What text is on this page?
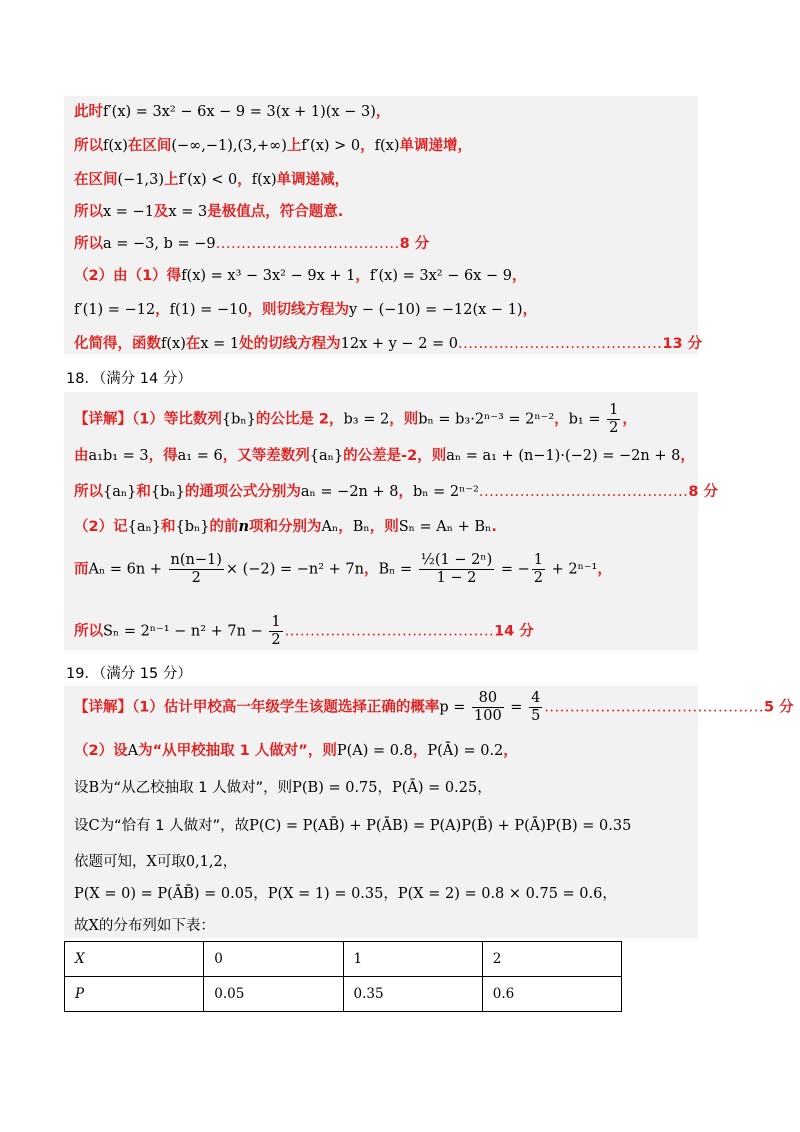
此时f′(x) = 3x² − 6x − 9 = 3(x + 1)(x − 3)，
所以f(x)在区间(−∞,−1),(3,+∞)上f′(x) > 0，f(x)单调递增，
在区间(−1,3)上f′(x) < 0，f(x)单调递减，
所以x = −1及x = 3是极值点，符合题意.
所以a = −3, b = −9....................................8 分
（2）由（1）得f(x) = x³ − 3x² − 9x + 1，f′(x) = 3x² − 6x − 9，
f′(1) = −12，f(1) = −10，则切线方程为y − (−10) = −12(x − 1)，
化简得，函数f(x)在x = 1处的切线方程为12x + y − 2 = 0........................................13 分
18．（满分 14 分）
【详解】（1）等比数列{bₙ}的公比是 2，b₃ = 2，则bₙ = b₃·2ⁿ⁻³ = 2ⁿ⁻²，$b_1 = \frac{1}{2}$ ，
由a₁b₁ = 3，得a₁ = 6，又等差数列{aₙ}的公差是-2，则aₙ = a₁ + (n−1)·(−2) = −2n + 8，
所以{aₙ}和{bₙ}的通项公式分别为aₙ = −2n + 8，bₙ = 2ⁿ⁻².........................................8 分
（2）记{aₙ}和{bₙ}的前n项和分别为Aₙ，Bₙ，则Sₙ = Aₙ + Bₙ.
而$A_n = 6n + \frac{n(n-1)}{2} \times (-2) = -n^2 + 7n$，$B_n = \frac{\text{½(1 − 2ⁿ)}}{1 - 2}$ = − $\frac{1}{2} + 2^{n-1}$，
所以$S_n = 2^{n-1} - n^2 + 7n - \frac{1}{2} .........................................14$ 分
19．（满分 15 分）
【详解】（1）估计甲校高一年级学生该题选择正确的概率$p = \frac{80}{100} = \frac{4}{5} ...........................................5$ 分
（2）设A为“从甲校抽取 1 人做对”，则P(A) = 0.8，P(Ā) = 0.2，
设B为“从乙校抽取 1 人做对”，则P(B) = 0.75，P(Ā) = 0.25，
设C为“恰有 1 人做对”，故P(C) = P(AB̄) + P(ĀB) = P(A)P(B̄) + P(Ā)P(B) = 0.35
依题可知，X可取0,1,2，
P(X = 0) = P(ĀB̄) = 0.05，P(X = 1) = 0.35，P(X = 2) = 0.8 × 0.75 = 0.6，
故X的分布列如下表：
X	0	1	2
P	0.05	0.35	0.6
